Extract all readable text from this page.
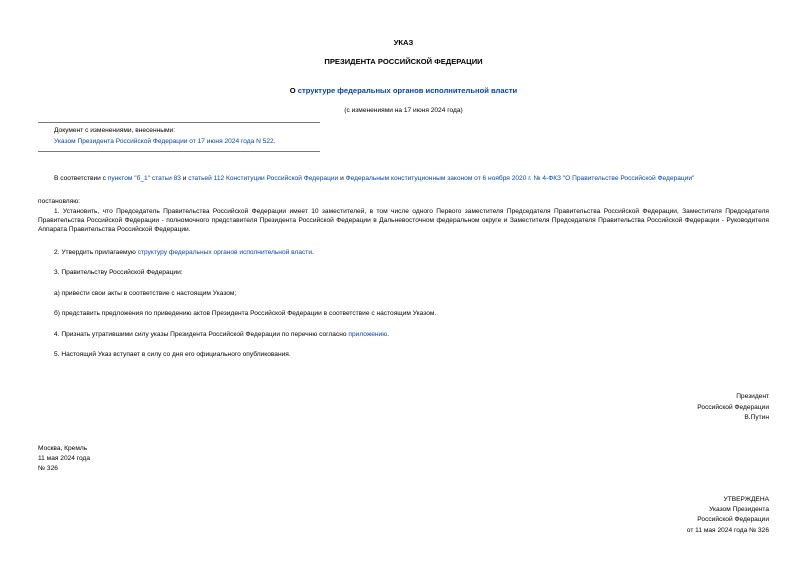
УКАЗ
ПРЕЗИДЕНТА РОССИЙСКОЙ ФЕДЕРАЦИИ
О структуре федеральных органов исполнительной власти
(с изменениями на 17 июня 2024 года)
Документ с изменениями, внесенными:
Указом Президента Российской Федерации от 17 июня 2024 года N 522.
В соответствии с пунктом "б_1" статьи 83 и статьей 112 Конституции Российской Федерации и Федеральным конституционным законом от 6 ноября 2020 г. № 4-ФКЗ "О Правительстве Российской Федерации"
постановляю:
1. Установить, что Председатель Правительства Российской Федерации имеет 10 заместителей, в том числе одного Первого заместителя Председателя Правительства Российской Федерации, Заместителя Председателя Правительства Российской Федерации - полномочного представителя Президента Российской Федерации в Дальневосточном федеральном округе и Заместителя Председателя Правительства Российской Федерации - Руководителя Аппарата Правительства Российской Федерации.
2. Утвердить прилагаемую структуру федеральных органов исполнительной власти.
3. Правительству Российской Федерации:
а) привести свои акты в соответствие с настоящим Указом;
б) представить предложения по приведению актов Президента Российской Федерации в соответствие с настоящим Указом.
4. Признать утратившими силу указы Президента Российской Федерации по перечню согласно приложению.
5. Настоящий Указ вступает в силу со дня его официального опубликования.
Президент
Российской Федерации
В.Путин
Москва, Кремль
11 мая 2024 года
№ 326
УТВЕРЖДЕНА
Указом Президента
Российской Федерации
от 11 мая 2024 года № 326
